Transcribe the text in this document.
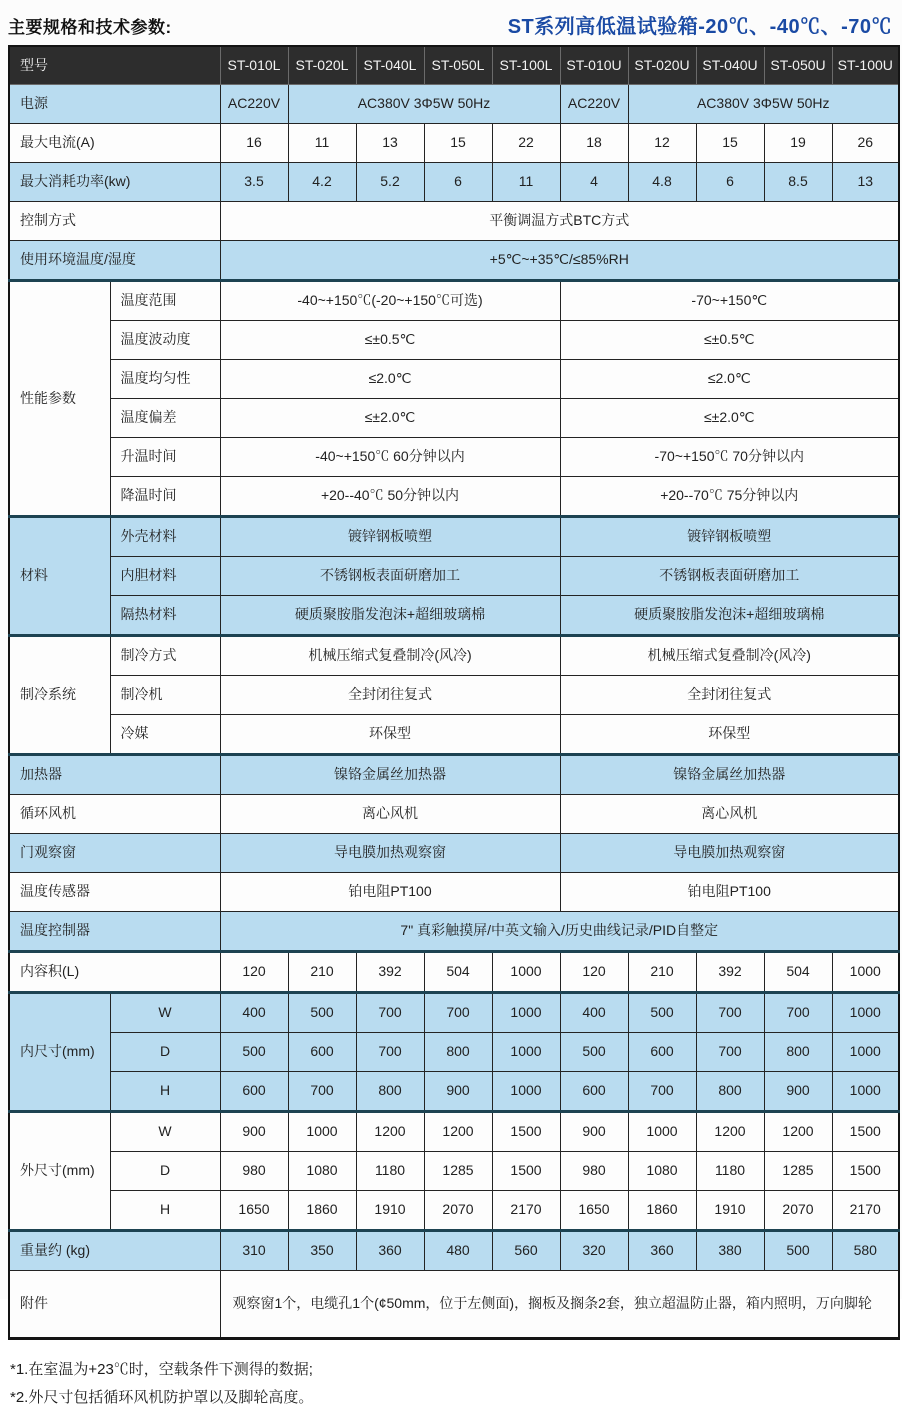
主要规格和技术参数:	ST系列高低温试验箱-20℃、-40℃、-70℃
型号		ST-010L	ST-020L	ST-040L	ST-050L	ST-100L	ST-010U	ST-020U	ST-040U	ST-050U	ST-100U
电源		AC220V	AC380V 3Φ5W 50Hz				AC220V	AC380V 3Φ5W 50Hz			
最大电流(A)		16	11	13	15	22	18	12	15	19	26
最大消耗功率(kw)		3.5	4.2	5.2	6	11	4	4.8	6	8.5	13
控制方式		平衡调温方式BTC方式									
使用环境温度/湿度		+5℃~+35℃/≤85%RH									
性能参数	温度范围	-40~+150℃(-20~+150℃可选)					-70~+150℃				
	温度波动度	≤±0.5℃					≤±0.5℃				
	温度均匀性	≤2.0℃					≤2.0℃				
	温度偏差	≤±2.0℃					≤±2.0℃				
	升温时间	-40~+150℃ 60分钟以内					-70~+150℃ 70分钟以内				
	降温时间	+20--40℃ 50分钟以内					+20--70℃ 75分钟以内				
材料	外壳材料	镀锌钢板喷塑					镀锌钢板喷塑				
	内胆材料	不锈钢板表面研磨加工					不锈钢板表面研磨加工				
	隔热材料	硬质聚胺脂发泡沫+超细玻璃棉					硬质聚胺脂发泡沫+超细玻璃棉				
制冷系统	制冷方式	机械压缩式复叠制冷(风冷)					机械压缩式复叠制冷(风冷)				
	制冷机	全封闭往复式					全封闭往复式				
	冷媒	环保型					环保型				
加热器		镍铬金属丝加热器					镍铬金属丝加热器				
循环风机		离心风机					离心风机				
门观察窗		导电膜加热观察窗					导电膜加热观察窗				
温度传感器		铂电阻PT100					铂电阻PT100				
温度控制器		7" 真彩触摸屏/中英文输入/历史曲线记录/PID自整定									
内容积(L)		120	210	392	504	1000	120	210	392	504	1000
内尺寸(mm)	W	400	500	700	700	1000	400	500	700	700	1000
	D	500	600	700	800	1000	500	600	700	800	1000
	H	600	700	800	900	1000	600	700	800	900	1000
外尺寸(mm)	W	900	1000	1200	1200	1500	900	1000	1200	1200	1500
	D	980	1080	1180	1285	1500	980	1080	1180	1285	1500
	H	1650	1860	1910	2070	2170	1650	1860	1910	2070	2170
重量约 (kg)		310	350	360	480	560	320	360	380	500	580
附件		观察窗1个，电缆孔1个(¢50mm，位于左侧面)，搁板及搁条2套，独立超温防止器，箱内照明，万向脚轮									
*1.在室温为+23℃时，空载条件下测得的数据;
*2.外尺寸包括循环风机防护罩以及脚轮高度。
